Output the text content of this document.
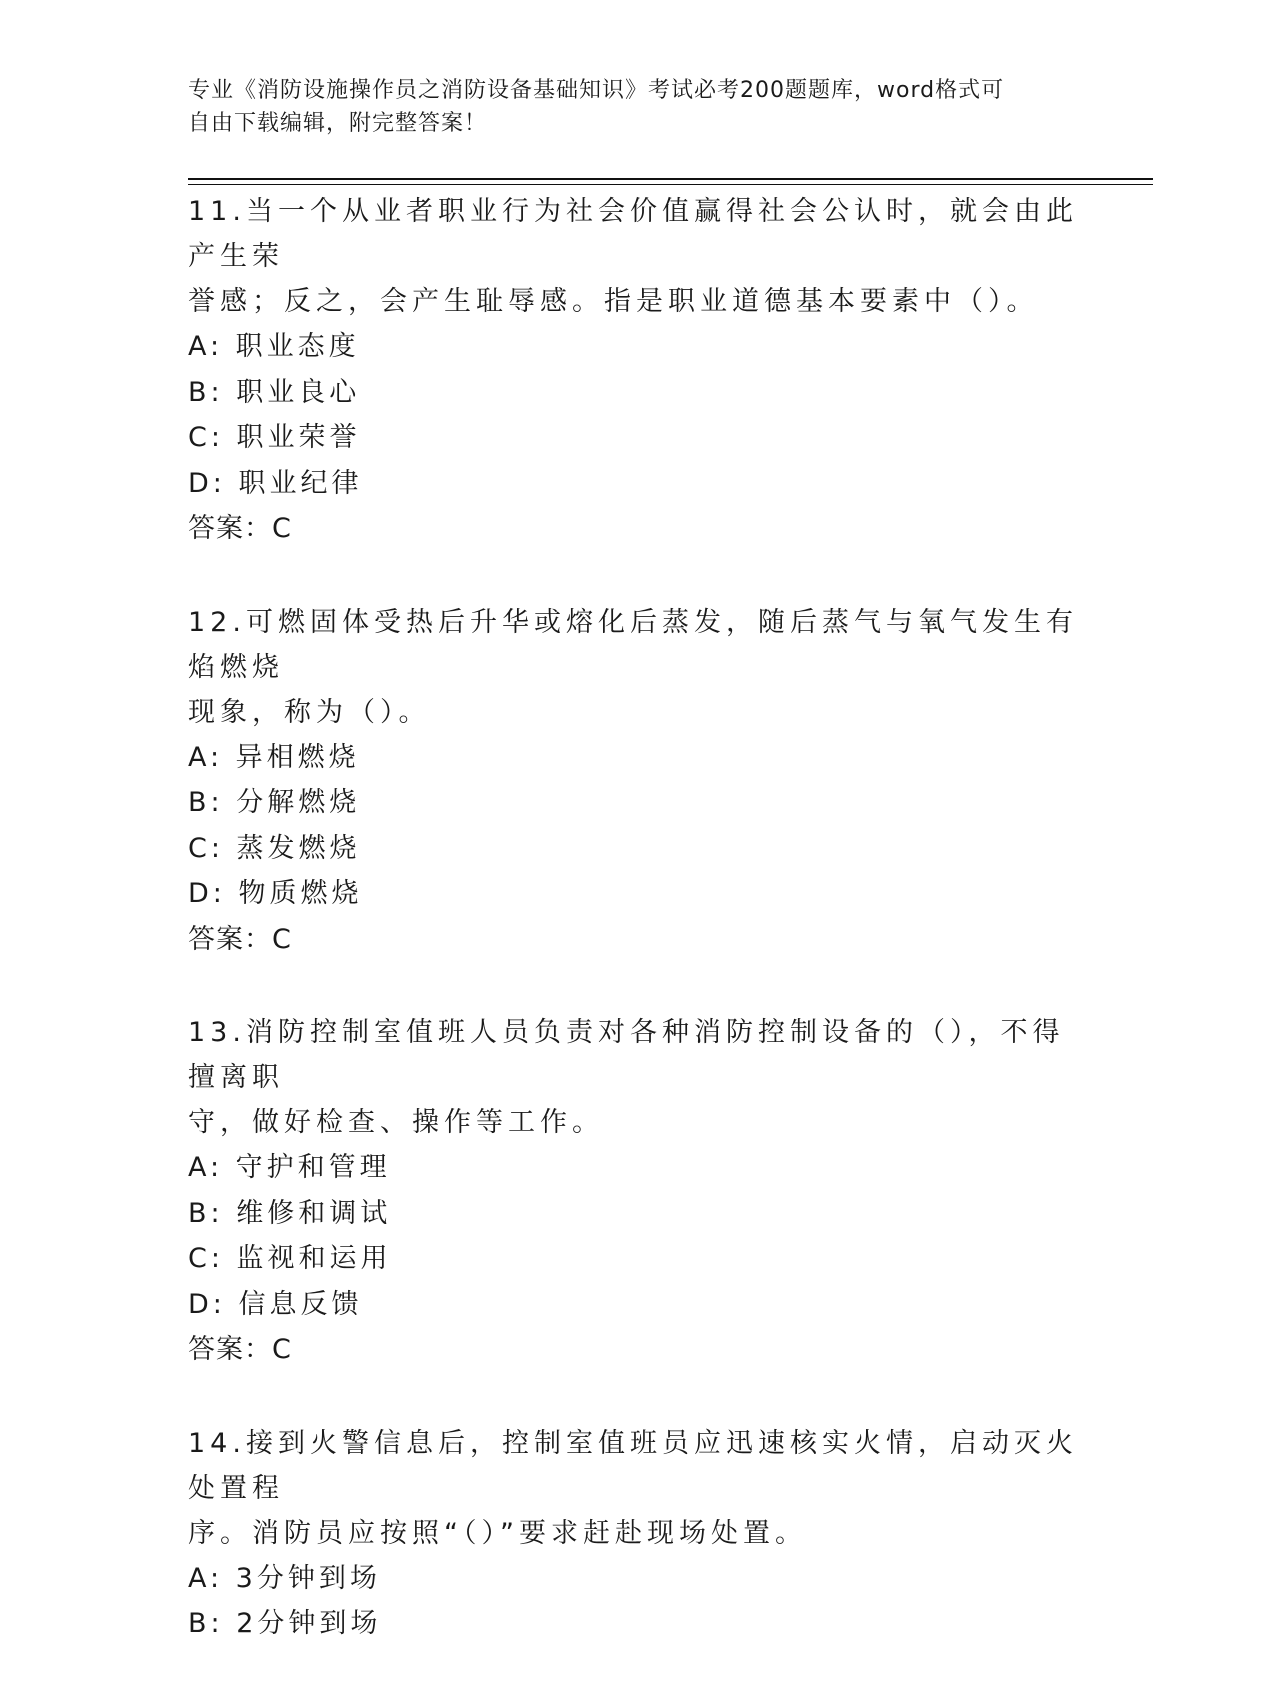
专业《消防设施操作员之消防设备基础知识》考试必考200题题库，word格式可
自由下载编辑，附完整答案！

11.当一个从业者职业行为社会价值赢得社会公认时，就会由此产生荣
誉感；反之，会产生耻辱感。指是职业道德基本要素中（）。

A: 职业态度

B: 职业良心

C: 职业荣誉

D: 职业纪律

答案：C

12.可燃固体受热后升华或熔化后蒸发，随后蒸气与氧气发生有焰燃烧
现象，称为（）。

A: 异相燃烧

B: 分解燃烧

C: 蒸发燃烧

D: 物质燃烧

答案：C

13.消防控制室值班人员负责对各种消防控制设备的（），不得擅离职
守，做好检查、操作等工作。

A: 守护和管理

B: 维修和调试

C: 监视和运用

D: 信息反馈

答案：C

14.接到火警信息后，控制室值班员应迅速核实火情，启动灭火处置程
序。消防员应按照“（）”要求赶赴现场处置。

A: 3分钟到场

B: 2分钟到场
